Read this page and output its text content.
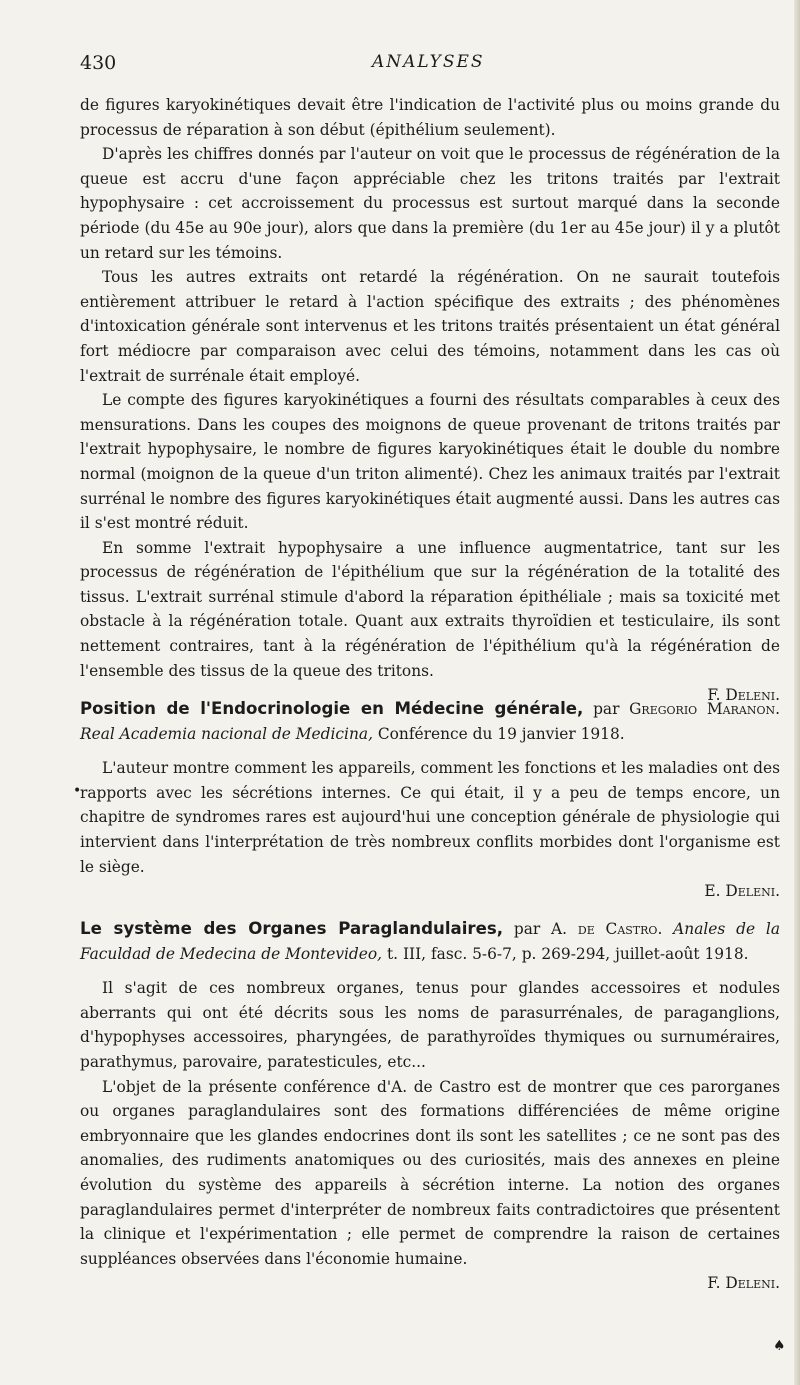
430	ANALYSES

de figures karyokinétiques devait être l'indication de l'activité plus ou moins grande du processus de réparation à son début (épithélium seulement).

D'après les chiffres donnés par l'auteur on voit que le processus de régénération de la queue est accru d'une façon appréciable chez les tritons traités par l'extrait hypophysaire : cet accroissement du processus est surtout marqué dans la seconde période (du 45e au 90e jour), alors que dans la première (du 1er au 45e jour) il y a plutôt un retard sur les témoins.

Tous les autres extraits ont retardé la régénération. On ne saurait toutefois entièrement attribuer le retard à l'action spécifique des extraits ; des phénomènes d'intoxication générale sont intervenus et les tritons traités présentaient un état général fort médiocre par comparaison avec celui des témoins, notamment dans les cas où l'extrait de surrénale était employé.

Le compte des figures karyokinétiques a fourni des résultats comparables à ceux des mensurations. Dans les coupes des moignons de queue provenant de tritons traités par l'extrait hypophysaire, le nombre de figures karyokinétiques était le double du nombre normal (moignon de la queue d'un triton alimenté). Chez les animaux traités par l'extrait surrénal le nombre des figures karyokinétiques était augmenté aussi. Dans les autres cas il s'est montré réduit.

En somme l'extrait hypophysaire a une influence augmentatrice, tant sur les processus de régénération de l'épithélium que sur la régénération de la totalité des tissus. L'extrait surrénal stimule d'abord la réparation épithéliale ; mais sa toxicité met obstacle à la régénération totale. Quant aux extraits thyroïdien et testiculaire, ils sont nettement contraires, tant à la régénération de l'épithélium qu'à la régénération de l'ensemble des tissus de la queue des tritons.

F. Deleni.

Position de l'Endocrinologie en Médecine générale, par Gregorio Maranon. Real Academia nacional de Medicina, Conférence du 19 janvier 1918.

L'auteur montre comment les appareils, comment les fonctions et les maladies ont des rapports avec les sécrétions internes. Ce qui était, il y a peu de temps encore, un chapitre de syndromes rares est aujourd'hui une conception générale de physiologie qui intervient dans l'interprétation de très nombreux conflits morbides dont l'organisme est le siège.

E. Deleni.

Le système des Organes Paraglandulaires, par A. de Castro. Anales de la Faculdad de Medecina de Montevideo, t. III, fasc. 5-6-7, p. 269-294, juillet-août 1918.

Il s'agit de ces nombreux organes, tenus pour glandes accessoires et nodules aberrants qui ont été décrits sous les noms de parasurrénales, de paraganglions, d'hypophyses accessoires, pharyngées, de parathyroïdes thymiques ou surnuméraires, parathymus, parovaire, paratesticules, etc...

L'objet de la présente conférence d'A. de Castro est de montrer que ces parorganes ou organes paraglandulaires sont des formations différenciées de même origine embryonnaire que les glandes endocrines dont ils sont les satellites ; ce ne sont pas des anomalies, des rudiments anatomiques ou des curiosités, mais des annexes en pleine évolution du système des appareils à sécrétion interne. La notion des organes paraglandulaires permet d'interpréter de nombreux faits contradictoires que présentent la clinique et l'expérimentation ; elle permet de comprendre la raison de certaines suppléances observées dans l'économie humaine.

F. Deleni.
♠
•
